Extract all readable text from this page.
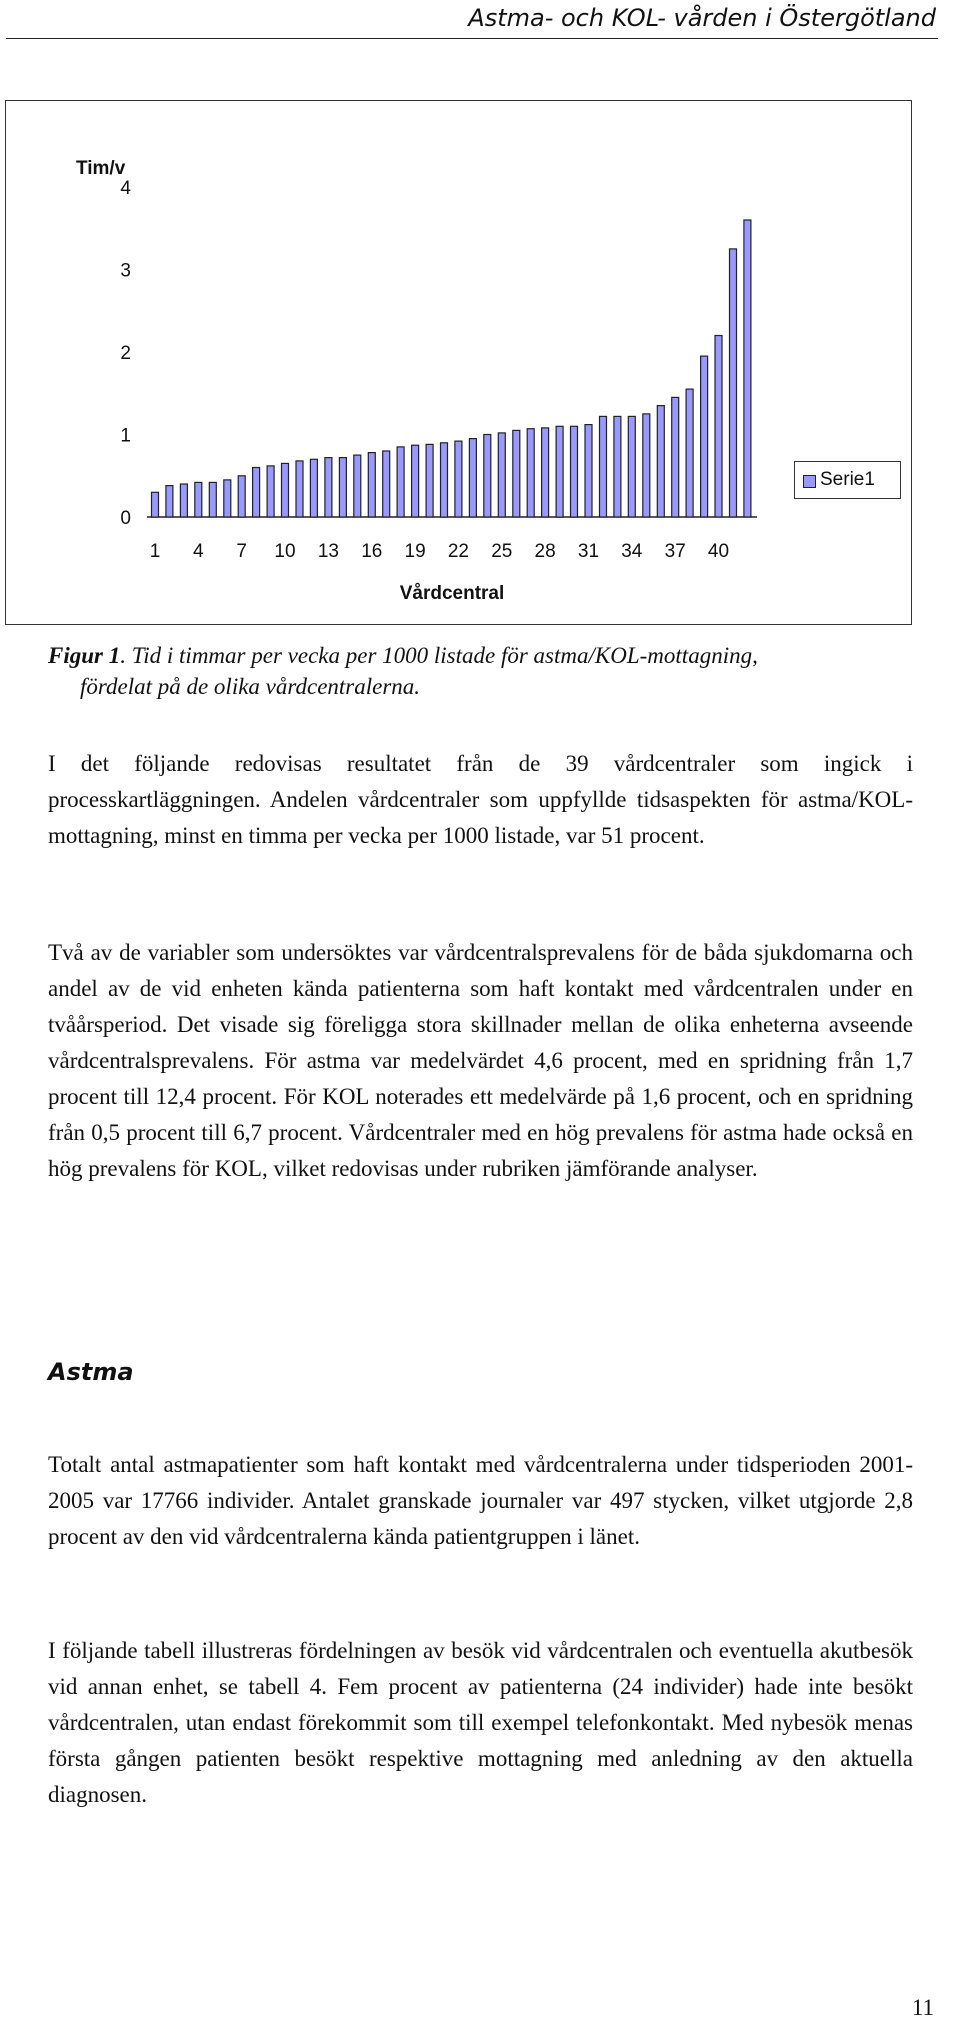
Astma- och KOL- vården i Östergötland
Tim/v
Vårdcentral
0
1
2
3
4
1 4 7 10 13 16 19 22 25 28 31 34 37 40
Serie1
Figur 1. Tid i timmar per vecka per 1000 listade för astma/KOL-mottagning,
fördelat på de olika vårdcentralerna.

I det följande redovisas resultatet från de 39 vårdcentraler som ingick i processkartläggningen. Andelen vårdcentraler som uppfyllde tidsaspekten för astma/KOL-mottagning, minst en timma per vecka per 1000 listade, var 51 procent.

Två av de variabler som undersöktes var vårdcentralsprevalens för de båda sjukdomarna och andel av de vid enheten kända patienterna som haft kontakt med vårdcentralen under en tvåårsperiod. Det visade sig föreligga stora skillnader mellan de olika enheterna avseende vårdcentralsprevalens. För astma var medelvärdet 4,6 procent, med en spridning från 1,7 procent till 12,4 procent. För KOL noterades ett medelvärde på 1,6 procent, och en spridning från 0,5 procent till 6,7 procent. Vårdcentraler med en hög prevalens för astma hade också en hög prevalens för KOL, vilket redovisas under rubriken jämförande analyser.

Astma

Totalt antal astmapatienter som haft kontakt med vårdcentralerna under tidsperioden 2001-2005 var 17766 individer. Antalet granskade journaler var 497 stycken, vilket utgjorde 2,8 procent av den vid vårdcentralerna kända patientgruppen i länet.

I följande tabell illustreras fördelningen av besök vid vårdcentralen och eventuella akutbesök vid annan enhet, se tabell 4. Fem procent av patienterna (24 individer) hade inte besökt vårdcentralen, utan endast förekommit som till exempel telefonkontakt. Med nybesök menas första gången patienten besökt respektive mottagning med anledning av den aktuella diagnosen.

11
